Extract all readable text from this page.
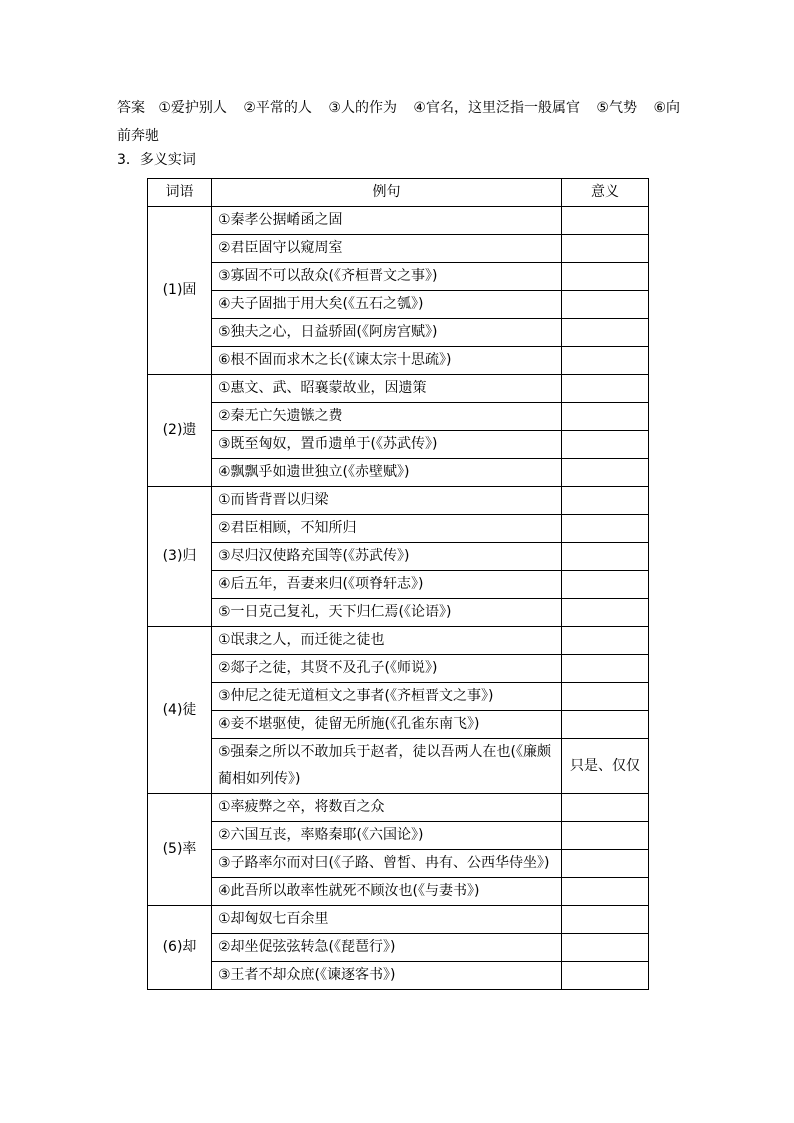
答案 ①爱护别人 ②平常的人 ③人的作为 ④官名，这里泛指一般属官 ⑤气势 ⑥向前奔驰
3．多义实词
词语	例句	意义
(1)固	①秦孝公据崤函之固	
	②君臣固守以窥周室	
	③寡固不可以敌众(《齐桓晋文之事》)	
	④夫子固拙于用大矣(《五石之瓠》)	
	⑤独夫之心，日益骄固(《阿房宫赋》)	
	⑥根不固而求木之长(《谏太宗十思疏》)	
(2)遗	①惠文、武、昭襄蒙故业，因遗策	
	②秦无亡矢遗镞之费	
	③既至匈奴，置币遗单于(《苏武传》)	
	④飘飘乎如遗世独立(《赤壁赋》)	
(3)归	①而皆背晋以归梁	
	②君臣相顾，不知所归	
	③尽归汉使路充国等(《苏武传》)	
	④后五年，吾妻来归(《项脊轩志》)	
	⑤一日克己复礼，天下归仁焉(《论语》)	
(4)徒	①氓隶之人，而迁徙之徒也	
	②郯子之徒，其贤不及孔子(《师说》)	
	③仲尼之徒无道桓文之事者(《齐桓晋文之事》)	
	④妾不堪驱使，徒留无所施(《孔雀东南飞》)	
	⑤强秦之所以不敢加兵于赵者，徒以吾两人在也(《廉颇蔺相如列传》)	只是、仅仅
(5)率	①率疲弊之卒，将数百之众	
	②六国互丧，率赂秦耶(《六国论》)	
	③子路率尔而对曰(《子路、曾皙、冉有、公西华侍坐》)	
	④此吾所以敢率性就死不顾汝也(《与妻书》)	
(6)却	①却匈奴七百余里	
	②却坐促弦弦转急(《琵琶行》)	
	③王者不却众庶(《谏逐客书》)	
